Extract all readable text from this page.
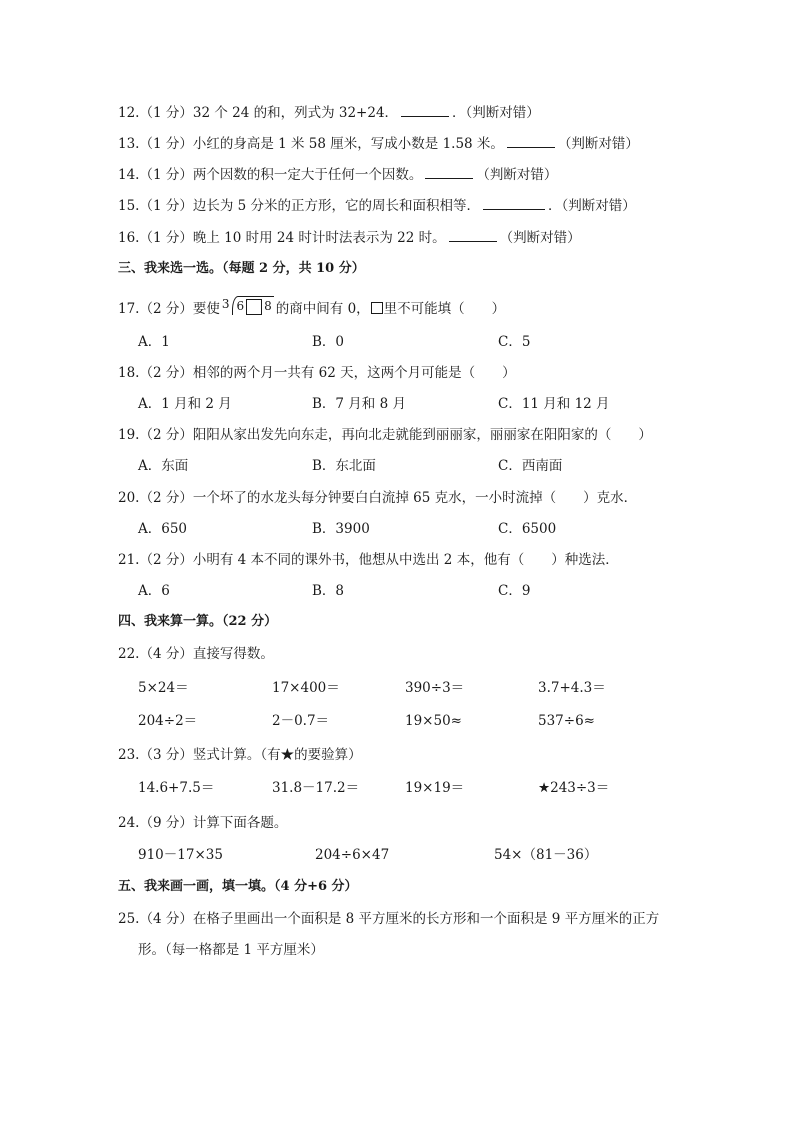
12.（1 分）32 个 24 的和，列式为 32+24．	．（判断对错）
13.（1 分）小红的身高是 1 米 58 厘米，写成小数是 1.58 米。	（判断对错）
14.（1 分）两个因数的积一定大于任何一个因数。	（判断对错）
15.（1 分）边长为 5 分米的正方形，它的周长和面积相等．	．（判断对错）
16.（1 分）晚上 10 时用 24 时计时法表示为 22 时。	（判断对错）
三、我来选一选。（每题 2 分，共 10 分）
17.（2 分）要使 3 6 8 的商中间有 0， 里不可能填（　　）
A．1	B．0	C．5
18.（2 分）相邻的两个月一共有 62 天，这两个月可能是（　　）
A．1 月和 2 月	B．7 月和 8 月	C．11 月和 12 月
19.（2 分）阳阳从家出发先向东走，再向北走就能到丽丽家，丽丽家在阳阳家的（　　）
A．东面	B．东北面	C．西南面
20.（2 分）一个坏了的水龙头每分钟要白白流掉 65 克水，一小时流掉（　　）克水．
A．650	B．3900	C．6500
21.（2 分）小明有 4 本不同的课外书，他想从中选出 2 本，他有（　　）种选法．
A．6	B．8	C．9
四、我来算一算。（22 分）
22.（4 分）直接写得数。
5×24＝	17×400＝	390÷3＝	3.7+4.3＝
204÷2＝	2－0.7＝	19×50≈	537÷6≈
23.（3 分）竖式计算。（有★的要验算）
14.6+7.5＝	31.8－17.2＝	19×19＝	★243÷3＝
24.（9 分）计算下面各题。
910－17×35	204÷6×47	54×（81－36）
五、我来画一画，填一填。（4 分+6 分）
25.（4 分）在格子里画出一个面积是 8 平方厘米的长方形和一个面积是 9 平方厘米的正方
形。（每一格都是 1 平方厘米）
